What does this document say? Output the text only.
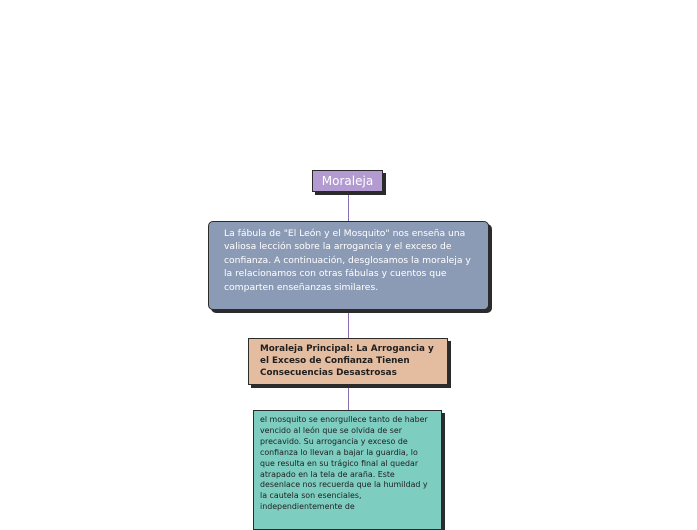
Moraleja
La fábula de "El León y el Mosquito" nos enseña una valiosa lección sobre la arrogancia y el exceso de confianza. A continuación, desglosamos la moraleja y la relacionamos con otras fábulas y cuentos que comparten enseñanzas similares.
Moraleja Principal: La Arrogancia y el Exceso de Confianza Tienen Consecuencias Desastrosas
el mosquito se enorgullece tanto de haber vencido al león que se olvida de ser precavido. Su arrogancia y exceso de confianza lo llevan a bajar la guardia, lo que resulta en su trágico final al quedar atrapado en la tela de araña. Este desenlace nos recuerda que la humildad y la cautela son esenciales, independientemente de
